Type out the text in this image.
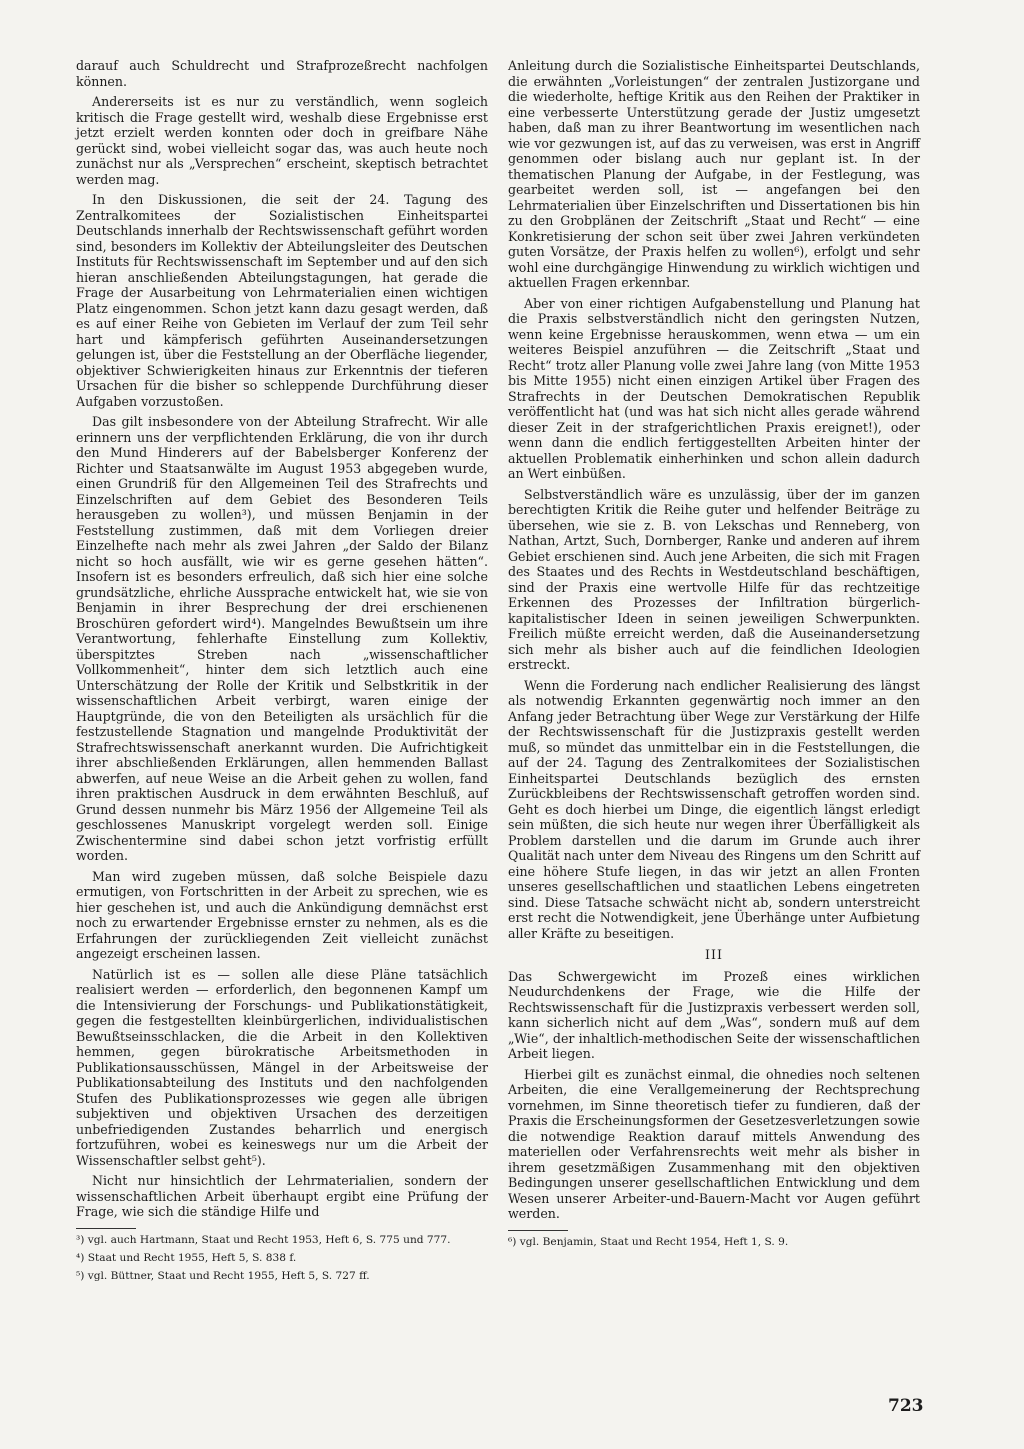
darauf auch Schuldrecht und Strafprozeßrecht nachfolgen können.

Andererseits ist es nur zu verständlich, wenn sogleich kritisch die Frage gestellt wird, weshalb diese Ergebnisse erst jetzt erzielt werden konnten oder doch in greifbare Nähe gerückt sind, wobei vielleicht sogar das, was auch heute noch zunächst nur als „Versprechen“ erscheint, skeptisch betrachtet werden mag.

In den Diskussionen, die seit der 24. Tagung des Zentralkomitees der Sozialistischen Einheitspartei Deutschlands innerhalb der Rechtswissenschaft geführt worden sind, besonders im Kollektiv der Abteilungsleiter des Deutschen Instituts für Rechtswissenschaft im September und auf den sich hieran anschließenden Abteilungstagungen, hat gerade die Frage der Ausarbeitung von Lehrmaterialien einen wichtigen Platz eingenommen. Schon jetzt kann dazu gesagt werden, daß es auf einer Reihe von Gebieten im Verlauf der zum Teil sehr hart und kämpferisch geführten Auseinandersetzungen gelungen ist, über die Feststellung an der Oberfläche liegender, objektiver Schwierigkeiten hinaus zur Erkenntnis der tieferen Ursachen für die bisher so schleppende Durchführung dieser Aufgaben vorzustoßen.

Das gilt insbesondere von der Abteilung Strafrecht. Wir alle erinnern uns der verpflichtenden Erklärung, die von ihr durch den Mund Hinderers auf der Babelsberger Konferenz der Richter und Staatsanwälte im August 1953 abgegeben wurde, einen Grundriß für den Allgemeinen Teil des Strafrechts und Einzelschriften auf dem Gebiet des Besonderen Teils herausgeben zu wollen³), und müssen Benjamin in der Feststellung zustimmen, daß mit dem Vorliegen dreier Einzelhefte nach mehr als zwei Jahren „der Saldo der Bilanz nicht so hoch ausfällt, wie wir es gerne gesehen hätten“. Insofern ist es besonders erfreulich, daß sich hier eine solche grundsätzliche, ehrliche Aussprache entwickelt hat, wie sie von Benjamin in ihrer Besprechung der drei erschienenen Broschüren gefordert wird⁴). Mangelndes Bewußtsein um ihre Verantwortung, fehlerhafte Einstellung zum Kollektiv, überspitztes Streben nach „wissenschaftlicher Vollkommenheit“, hinter dem sich letztlich auch eine Unterschätzung der Rolle der Kritik und Selbstkritik in der wissenschaftlichen Arbeit verbirgt, waren einige der Hauptgründe, die von den Beteiligten als ursächlich für die festzustellende Stagnation und mangelnde Produktivität der Strafrechtswissenschaft anerkannt wurden. Die Aufrichtigkeit ihrer abschließenden Erklärungen, allen hemmenden Ballast abwerfen, auf neue Weise an die Arbeit gehen zu wollen, fand ihren praktischen Ausdruck in dem erwähnten Beschluß, auf Grund dessen nunmehr bis März 1956 der Allgemeine Teil als geschlossenes Manuskript vorgelegt werden soll. Einige Zwischentermine sind dabei schon jetzt vorfristig erfüllt worden.

Man wird zugeben müssen, daß solche Beispiele dazu ermutigen, von Fortschritten in der Arbeit zu sprechen, wie es hier geschehen ist, und auch die Ankündigung demnächst erst noch zu erwartender Ergebnisse ernster zu nehmen, als es die Erfahrungen der zurückliegenden Zeit vielleicht zunächst angezeigt erscheinen lassen.

Natürlich ist es — sollen alle diese Pläne tatsächlich realisiert werden — erforderlich, den begonnenen Kampf um die Intensivierung der Forschungs- und Publikationstätigkeit, gegen die festgestellten kleinbürgerlichen, individualistischen Bewußtseinsschlacken, die die Arbeit in den Kollektiven hemmen, gegen bürokratische Arbeitsmethoden in Publikationsausschüssen, Mängel in der Arbeitsweise der Publikationsabteilung des Instituts und den nachfolgenden Stufen des Publikationsprozesses wie gegen alle übrigen subjektiven und objektiven Ursachen des derzeitigen unbefriedigenden Zustandes beharrlich und energisch fortzuführen, wobei es keineswegs nur um die Arbeit der Wissenschaftler selbst geht⁵).

Nicht nur hinsichtlich der Lehrmaterialien, sondern der wissenschaftlichen Arbeit überhaupt ergibt eine Prüfung der Frage, wie sich die ständige Hilfe und

³) vgl. auch Hartmann, Staat und Recht 1953, Heft 6, S. 775 und 777.

⁴) Staat und Recht 1955, Heft 5, S. 838 f.

⁵) vgl. Büttner, Staat und Recht 1955, Heft 5, S. 727 ff.

Anleitung durch die Sozialistische Einheitspartei Deutschlands, die erwähnten „Vorleistungen“ der zentralen Justizorgane und die wiederholte, heftige Kritik aus den Reihen der Praktiker in eine verbesserte Unterstützung gerade der Justiz umgesetzt haben, daß man zu ihrer Beantwortung im wesentlichen nach wie vor gezwungen ist, auf das zu verweisen, was erst in Angriff genommen oder bislang auch nur geplant ist. In der thematischen Planung der Aufgabe, in der Festlegung, was gearbeitet werden soll, ist — angefangen bei den Lehrmaterialien über Einzelschriften und Dissertationen bis hin zu den Grobplänen der Zeitschrift „Staat und Recht“ — eine Konkretisierung der schon seit über zwei Jahren verkündeten guten Vorsätze, der Praxis helfen zu wollen⁶), erfolgt und sehr wohl eine durchgängige Hinwendung zu wirklich wichtigen und aktuellen Fragen erkennbar.

Aber von einer richtigen Aufgabenstellung und Planung hat die Praxis selbstverständlich nicht den geringsten Nutzen, wenn keine Ergebnisse herauskommen, wenn etwa — um ein weiteres Beispiel anzuführen — die Zeitschrift „Staat und Recht“ trotz aller Planung volle zwei Jahre lang (von Mitte 1953 bis Mitte 1955) nicht einen einzigen Artikel über Fragen des Strafrechts in der Deutschen Demokratischen Republik veröffentlicht hat (und was hat sich nicht alles gerade während dieser Zeit in der strafgerichtlichen Praxis ereignet!), oder wenn dann die endlich fertiggestellten Arbeiten hinter der aktuellen Problematik einherhinken und schon allein dadurch an Wert einbüßen.

Selbstverständlich wäre es unzulässig, über der im ganzen berechtigten Kritik die Reihe guter und helfender Beiträge zu übersehen, wie sie z. B. von Lekschas und Renneberg, von Nathan, Artzt, Such, Dornberger, Ranke und anderen auf ihrem Gebiet erschienen sind. Auch jene Arbeiten, die sich mit Fragen des Staates und des Rechts in Westdeutschland beschäftigen, sind der Praxis eine wertvolle Hilfe für das rechtzeitige Erkennen des Prozesses der Infiltration bürgerlich-kapitalistischer Ideen in seinen jeweiligen Schwerpunkten. Freilich müßte erreicht werden, daß die Auseinandersetzung sich mehr als bisher auch auf die feindlichen Ideologien erstreckt.

Wenn die Forderung nach endlicher Realisierung des längst als notwendig Erkannten gegenwärtig noch immer an den Anfang jeder Betrachtung über Wege zur Verstärkung der Hilfe der Rechtswissenschaft für die Justizpraxis gestellt werden muß, so mündet das unmittelbar ein in die Feststellungen, die auf der 24. Tagung des Zentralkomitees der Sozialistischen Einheitspartei Deutschlands bezüglich des ernsten Zurückbleibens der Rechtswissenschaft getroffen worden sind. Geht es doch hierbei um Dinge, die eigentlich längst erledigt sein müßten, die sich heute nur wegen ihrer Überfälligkeit als Problem darstellen und die darum im Grunde auch ihrer Qualität nach unter dem Niveau des Ringens um den Schritt auf eine höhere Stufe liegen, in das wir jetzt an allen Fronten unseres gesellschaftlichen und staatlichen Lebens eingetreten sind. Diese Tatsache schwächt nicht ab, sondern unterstreicht erst recht die Notwendigkeit, jene Überhänge unter Aufbietung aller Kräfte zu beseitigen.

III

Das Schwergewicht im Prozeß eines wirklichen Neudurchdenkens der Frage, wie die Hilfe der Rechtswissenschaft für die Justizpraxis verbessert werden soll, kann sicherlich nicht auf dem „Was“, sondern muß auf dem „Wie“, der inhaltlich-methodischen Seite der wissenschaftlichen Arbeit liegen.

Hierbei gilt es zunächst einmal, die ohnedies noch seltenen Arbeiten, die eine Verallgemeinerung der Rechtsprechung vornehmen, im Sinne theoretisch tiefer zu fundieren, daß der Praxis die Erscheinungsformen der Gesetzesverletzungen sowie die notwendige Reaktion darauf mittels Anwendung des materiellen oder Verfahrensrechts weit mehr als bisher in ihrem gesetzmäßigen Zusammenhang mit den objektiven Bedingungen unserer gesellschaftlichen Entwicklung und dem Wesen unserer Arbeiter-und-Bauern-Macht vor Augen geführt werden.

⁶) vgl. Benjamin, Staat und Recht 1954, Heft 1, S. 9.

723
